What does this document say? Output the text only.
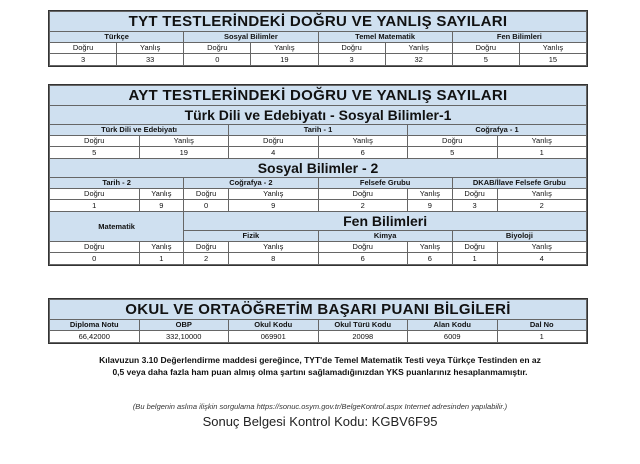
TYT TESTLERİNDEKİ DOĞRU VE YANLIŞ SAYILARI							
Türkçe		Sosyal Bilimler		Temel Matematik		Fen Bilimleri	
Doğru	Yanlış	Doğru	Yanlış	Doğru	Yanlış	Doğru	Yanlış
3	33	0	19	3	32	5	15
AYT TESTLERİNDEKİ DOĞRU VE YANLIŞ SAYILARI							
Türk Dili ve Edebiyatı - Sosyal Bilimler-1							
Türk Dili ve Edebiyatı			Tarih - 1		Coğrafya - 1		
Doğru	Yanlış		Doğru	Yanlış	Doğru		Yanlış
5	19		4	6	5		1
Sosyal Bilimler - 2							
Tarih - 2		Coğrafya - 2		Felsefe Grubu		DKAB/İlave Felsefe Grubu	
Doğru	Yanlış	Doğru	Yanlış	Doğru	Yanlış	Doğru	Yanlış
1	9	0	9	2	9	3	2
Matematik		Fen Bilimleri					
		Fizik		Kimya		Biyoloji	
Doğru	Yanlış	Doğru	Yanlış	Doğru	Yanlış	Doğru	Yanlış
0	1	2	8	6	6	1	4
OKUL VE ORTAÖĞRETİM BAŞARI PUANI BİLGİLERİ					
Diploma Notu	OBP	Okul Kodu	Okul Türü Kodu	Alan Kodu	Dal No
66,42000	332,10000	069901	20098	6009	1
Kılavuzun 3.10 Değerlendirme maddesi gereğince, TYT'de Temel Matematik Testi veya Türkçe Testinden en az
0,5 veya daha fazla ham puan almış olma şartını sağlamadığınızdan YKS puanlarınız hesaplanmamıştır.
(Bu belgenin aslına ilişkin sorgulama https://sonuc.osym.gov.tr/BelgeKontrol.aspx Internet adresinden yapılabilir.)
Sonuç Belgesi Kontrol Kodu: KGBV6F95
